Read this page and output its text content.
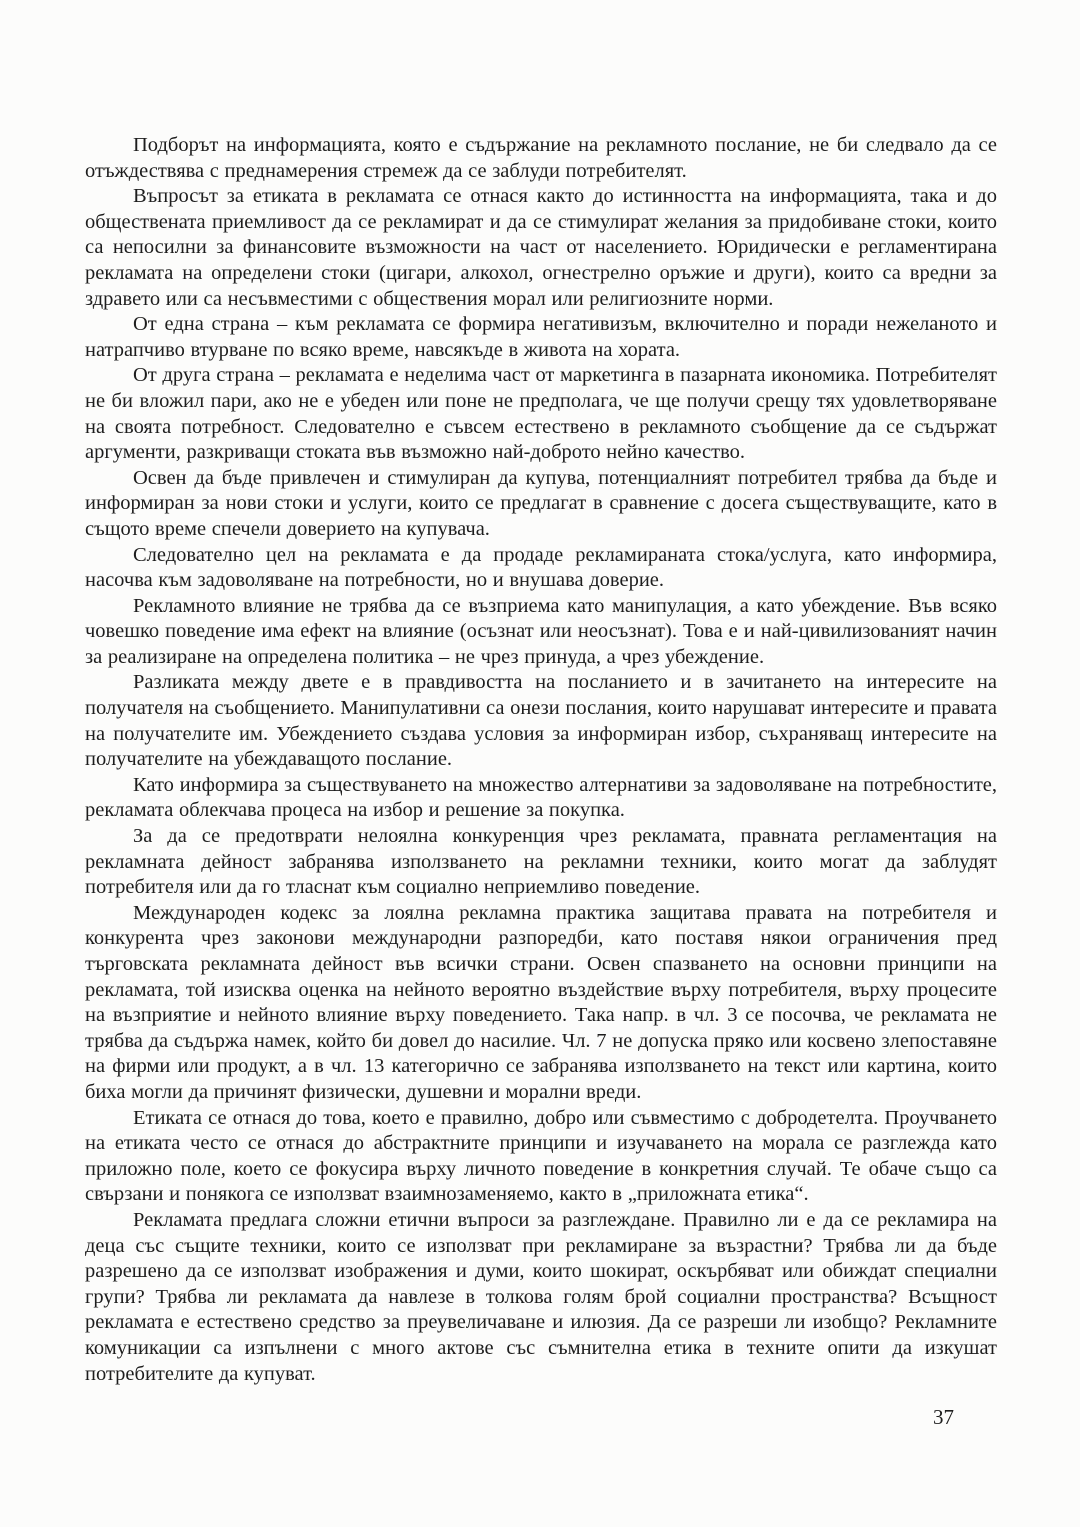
Подборът на информацията, която е съдържание на рекламното послание, не би следвало да се отъждествява с преднамерения стремеж да се заблуди потребителят.

Въпросът за етиката в рекламата се отнася както до истинността на информацията, така и до обществената приемливост да се рекламират и да се стимулират желания за придобиване стоки, които са непосилни за финансовите възможности на част от населението. Юридически е регламентирана рекламата на определени стоки (цигари, алкохол, огнестрелно оръжие и други), които са вредни за здравето или са несъвместими с обществения морал или религиозните норми.

От една страна – към рекламата се формира негативизъм, включително и поради нежеланото и натрапчиво втурване по всяко време, навсякъде в живота на хората.

От друга страна – рекламата е неделима част от маркетинга в пазарната икономика. Потребителят не би вложил пари, ако не е убеден или поне не предполага, че ще получи срещу тях удовлетворяване на своята потребност. Следователно е съвсем естествено в рекламното съобщение да се съдържат аргументи, разкриващи стоката във възможно най-доброто нейно качество.

Освен да бъде привлечен и стимулиран да купува, потенциалният потребител трябва да бъде и информиран за нови стоки и услуги, които се предлагат в сравнение с досега съществуващите, като в същото време спечели доверието на купувача.

Следователно цел на рекламата е да продаде рекламираната стока/услуга, като информира, насочва към задоволяване на потребности, но и внушава доверие.

Рекламното влияние не трябва да се възприема като манипулация, а като убеждение. Във всяко човешко поведение има ефект на влияние (осъзнат или неосъзнат). Това е и най-цивилизованият начин за реализиране на определена политика – не чрез принуда, а чрез убеждение.

Разликата между двете е в правдивостта на посланието и в зачитането на интересите на получателя на съобщението. Манипулативни са онези послания, които нарушават интересите и правата на получателите им. Убеждението създава условия за информиран избор, съхраняващ интересите на получателите на убеждаващото послание.

Като информира за съществуването на множество алтернативи за задоволяване на потребностите, рекламата облекчава процеса на избор и решение за покупка.

За да се предотврати нелоялна конкуренция чрез рекламата, правната регламентация на рекламната дейност забранява използването на рекламни техники, които могат да заблудят потребителя или да го тласнат към социално неприемливо поведение.

Международен кодекс за лоялна рекламна практика защитава правата на потребителя и конкурента чрез законови международни разпоредби, като поставя някои ограничения пред търговската рекламната дейност във всички страни. Освен спазването на основни принципи на рекламата, той изисква оценка на нейното вероятно въздействие върху потребителя, върху процесите на възприятие и нейното влияние върху поведението. Така напр. в чл. 3 се посочва, че рекламата не трябва да съдържа намек, който би довел до насилие. Чл. 7 не допуска пряко или косвено злепоставяне на фирми или продукт, а в чл. 13 категорично се забранява използването на текст или картина, които биха могли да причинят физически, душевни и морални вреди.

Етиката се отнася до това, което е правилно, добро или съвместимо с добродетелта. Проучването на етиката често се отнася до абстрактните принципи и изучаването на морала се разглежда като приложно поле, което се фокусира върху личното поведение в конкретния случай. Те обаче също са свързани и понякога се използват взаимнозаменяемо, както в „приложната етика“.

Рекламата предлага сложни етични въпроси за разглеждане. Правилно ли е да се рекламира на деца със същите техники, които се използват при рекламиране за възрастни? Трябва ли да бъде разрешено да се използват изображения и думи, които шокират, оскърбяват или обиждат специални групи? Трябва ли рекламата да навлезе в толкова голям брой социални пространства? Всъщност рекламата е естествено средство за преувеличаване и илюзия. Да се разреши ли изобщо? Рекламните комуникации са изпълнени с много актове със съмнителна етика в техните опити да изкушат потребителите да купуват.

37
